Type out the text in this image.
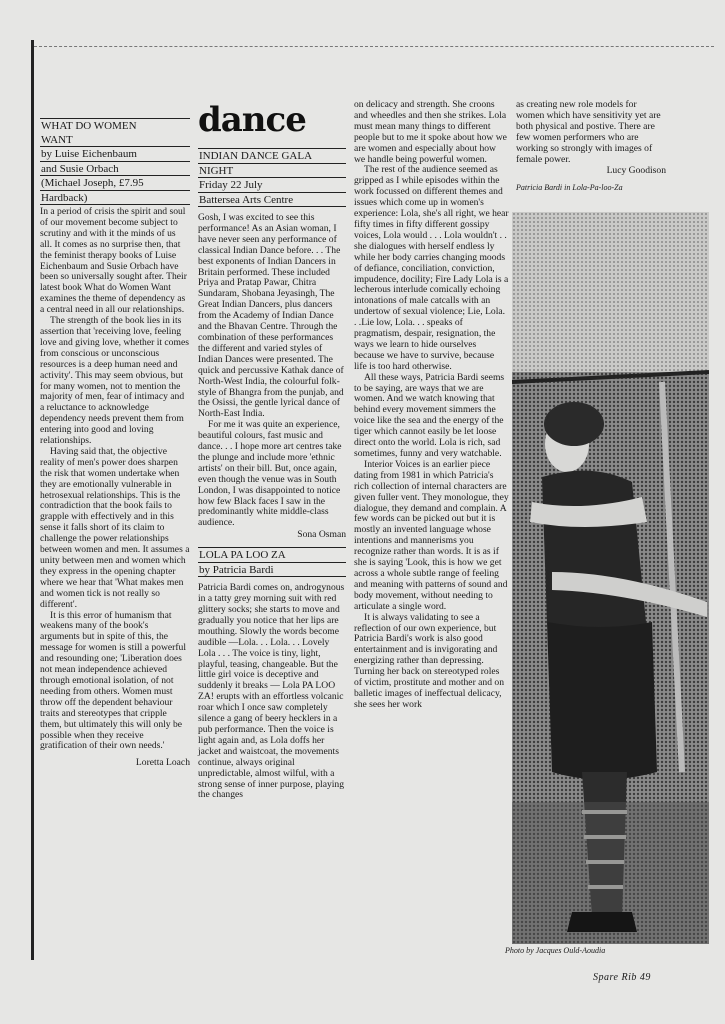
WHAT DO WOMEN
WANT
by Luise Eichenbaum
and Susie Orbach
(Michael Joseph, £7.95
Hardback)

In a period of crisis the spirit and soul of our movement become subject to scrutiny and with it the minds of us all. It comes as no surprise then, that the feminist therapy books of Luise Eichenbaum and Susie Orbach have been so universally sought after. Their latest book What do Women Want examines the theme of dependency as a central need in all our relationships.

The strength of the book lies in its assertion that 'receiving love, feeling love and giving love, whether it comes from conscious or unconscious resources is a deep human need and activity'. This may seem obvious, but for many women, not to mention the majority of men, fear of intimacy and a reluctance to acknowledge dependency needs prevent them from entering into good and loving relationships.

Having said that, the objective reality of men's power does sharpen the risk that women undertake when they are emotionally vulnerable in hetrosexual relationships. This is the contradiction that the book fails to grapple with effectively and in this sense it falls short of its claim to challenge the power relationships between women and men. It assumes a unity between men and women which they express in the opening chapter where we hear that 'What makes men and women tick is not really so different'.

It is this error of humanism that weakens many of the book's arguments but in spite of this, the message for women is still a powerful and resounding one; 'Liberation does not mean independence achieved through emotional isolation, of not needing from others. Women must throw off the dependent behaviour traits and stereotypes that cripple them, but ultimately this will only be possible when they receive gratification of their own needs.'

Loretta Loach
dance
INDIAN DANCE GALA
NIGHT
Friday 22 July
Battersea Arts Centre

Gosh, I was excited to see this performance! As an Asian woman, I have never seen any performance of classical Indian Dance before. . . The best exponents of Indian Dancers in Britain performed. These included Priya and Pratap Pawar, Chitra Sundaram, Shobana Jeyasingh, The Great Indian Dancers, plus dancers from the Academy of Indian Dance and the Bhavan Centre. Through the combination of these performances the different and varied styles of Indian Dances were presented. The quick and percussive Kathak dance of North-West India, the colourful folk-style of Bhangra from the punjab, and the Osissi, the gentle lyrical dance of North-East India.

For me it was quite an experience, beautiful colours, fast music and dance. . . I hope more art centres take the plunge and include more 'ethnic artists' on their bill. But, once again, even though the venue was in South London, I was disappointed to notice how few Black faces I saw in the predominantly white middle-class audience.

Sona Osman
LOLA PA LOO ZA
by Patricia Bardi

Patricia Bardi comes on, androgynous in a tatty grey morning suit with red glittery socks; she starts to move and gradually you notice that her lips are mouthing. Slowly the words become audible —Lola. . . Lola. . . Lovely Lola . . . The voice is tiny, light, playful, teasing, changeable. But the little girl voice is deceptive and suddenly it breaks — Lola PA LOO ZA! erupts with an effortless volcanic roar which I once saw completely silence a gang of beery hecklers in a pub performance. Then the voice is light again and, as Lola doffs her jacket and waistcoat, the movements continue, always original unpredictable, almost wilful, with a strong sense of inner purpose, playing the changes

on delicacy and strength. She croons and wheedles and then she strikes. Lola must mean many things to different people but to me it spoke about how we are women and especially about how we handle being powerful women.

The rest of the audience seemed as gripped as I while episodes within the work focussed on different themes and issues which come up in women's experience: Lola, she's all right, we hear fifty times in fifty different gossipy voices, Lola would . . . Lola wouldn't . . she dialogues with herself endless ly while her body carries changing moods of defiance, conciliation, conviction, impudence, docility; Fire Lady Lola is a lecherous interlude comically echoing intonations of male catcalls with an undertow of sexual violence; Lie, Lola. . .Lie low, Lola. . . speaks of pragmatism, despair, resignation, the ways we learn to hide ourselves because we have to survive, because life is too hard otherwise.

All these ways, Patricia Bardi seems to be saying, are ways that we are women. And we watch knowing that behind every movement simmers the voice like the sea and the energy of the tiger which cannot easily be let loose direct onto the world. Lola is rich, sad sometimes, funny and very watchable.

Interior Voices is an earlier piece dating from 1981 in which Patricia's rich collection of internal characters are given fuller vent. They monologue, they dialogue, they demand and complain. A few words can be picked out but it is mostly an invented language whose intentions and mannerisms you recognize rather than words. It is as if she is saying 'Look, this is how we get across a whole subtle range of feeling and meaning with patterns of sound and body movement, without needing to articulate a single word.

It is always validating to see a reflection of our own experience, but Patricia Bardi's work is also good entertainment and is invigorating and energizing rather than depressing. Turning her back on stereotyped roles of victim, prostitute and mother and on balletic images of ineffectual delicacy, she sees her work

as creating new role models for women which have sensitivity yet are both physical and postive. There are few women performers who are working so strongly with images of female power.

Lucy Goodison
Patricia Bardi in Lola-Pa-loo-Za
Photo by Jacques Ould-Aoudia
Spare Rib 49
